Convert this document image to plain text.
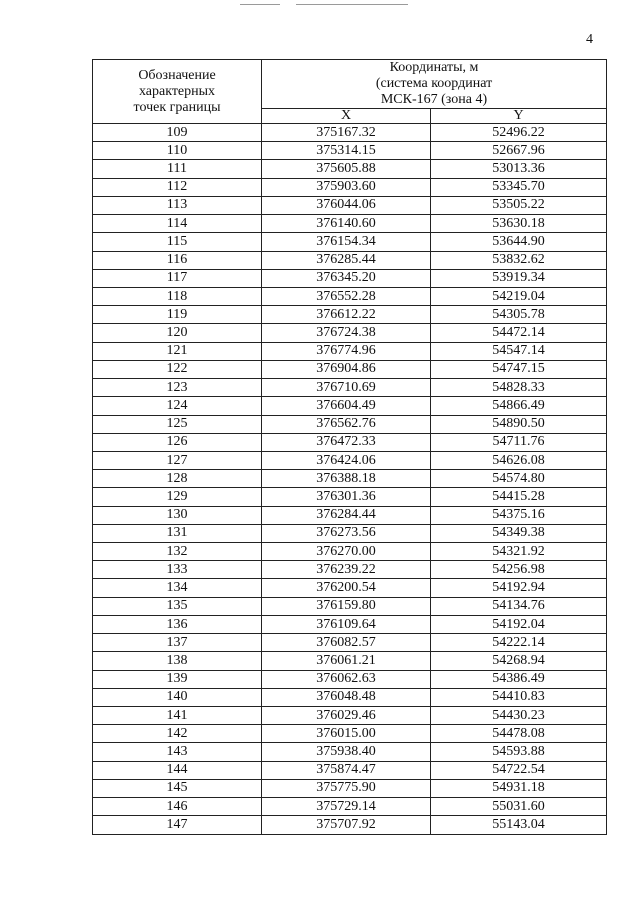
4
Обозначение
характерных
точек границы	Координаты, м
(система координат
МСК-167 (зона 4)	
	X	Y
109	375167.32	52496.22
110	375314.15	52667.96
111	375605.88	53013.36
112	375903.60	53345.70
113	376044.06	53505.22
114	376140.60	53630.18
115	376154.34	53644.90
116	376285.44	53832.62
117	376345.20	53919.34
118	376552.28	54219.04
119	376612.22	54305.78
120	376724.38	54472.14
121	376774.96	54547.14
122	376904.86	54747.15
123	376710.69	54828.33
124	376604.49	54866.49
125	376562.76	54890.50
126	376472.33	54711.76
127	376424.06	54626.08
128	376388.18	54574.80
129	376301.36	54415.28
130	376284.44	54375.16
131	376273.56	54349.38
132	376270.00	54321.92
133	376239.22	54256.98
134	376200.54	54192.94
135	376159.80	54134.76
136	376109.64	54192.04
137	376082.57	54222.14
138	376061.21	54268.94
139	376062.63	54386.49
140	376048.48	54410.83
141	376029.46	54430.23
142	376015.00	54478.08
143	375938.40	54593.88
144	375874.47	54722.54
145	375775.90	54931.18
146	375729.14	55031.60
147	375707.92	55143.04
